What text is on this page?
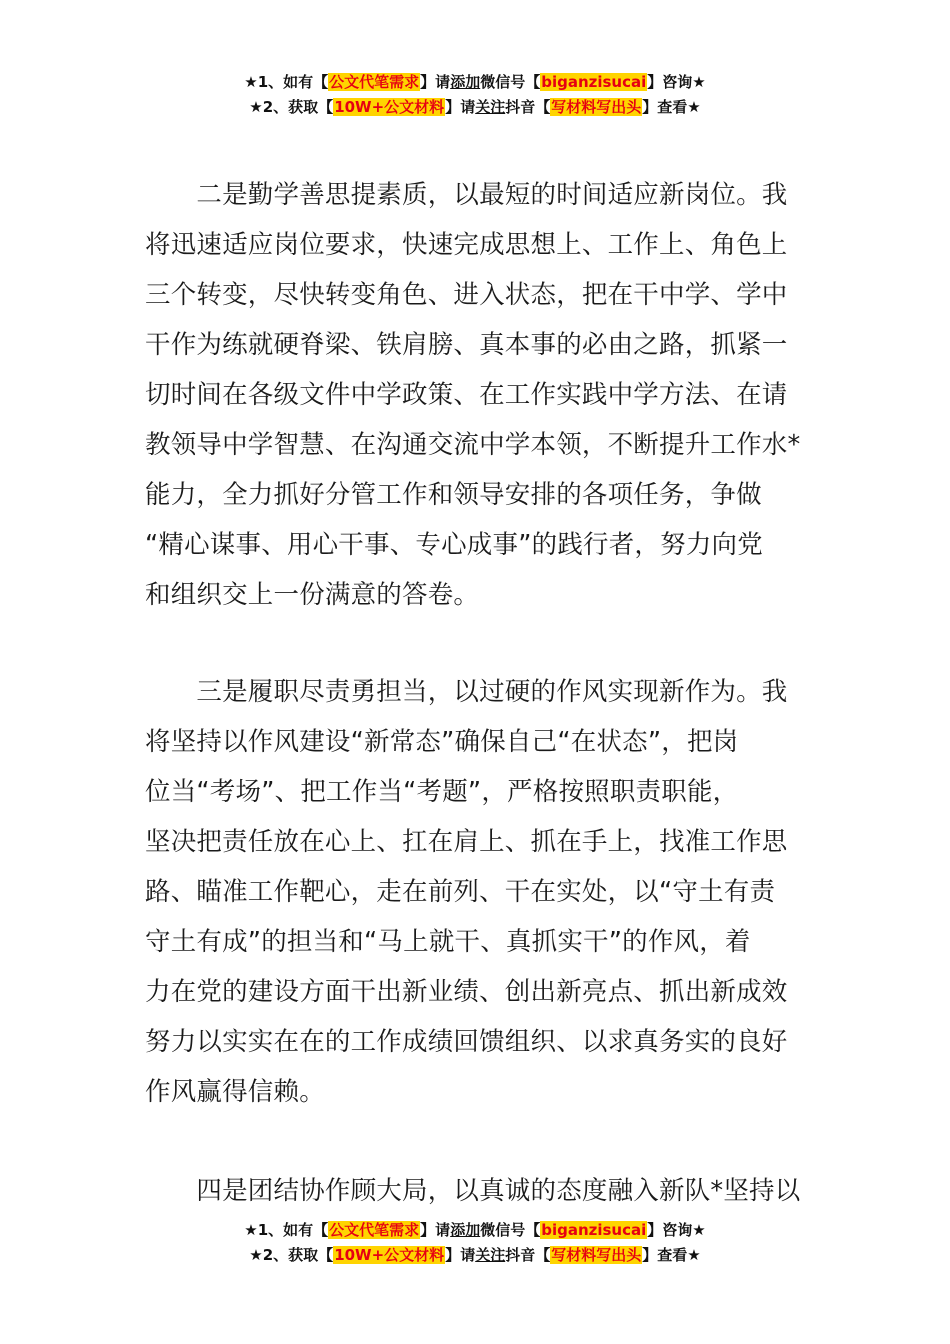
★1、如有【公文代笔需求】请添加微信号【biganzisucai】咨询★
★2、获取【10W+公文材料】请关注抖音【写材料写出头】查看★
　　二是勤学善思提素质，以最短的时间适应新岗位。我
将迅速适应岗位要求，快速完成思想上、工作上、角色上
三个转变，尽快转变角色、进入状态，把在干中学、学中
干作为练就硬脊梁、铁肩膀、真本事的必由之路，抓紧一
切时间在各级文件中学政策、在工作实践中学方法、在请
教领导中学智慧、在沟通交流中学本领，不断提升工作水*
能力，全力抓好分管工作和领导安排的各项任务，争做
“精心谋事、用心干事、专心成事”的践行者，努力向党
和组织交上一份满意的答卷。
　　三是履职尽责勇担当，以过硬的作风实现新作为。我
将坚持以作风建设“新常态”确保自己“在状态”，把岗
位当“考场”、把工作当“考题”，严格按照职责职能，
坚决把责任放在心上、扛在肩上、抓在手上，找准工作思
路、瞄准工作靶心，走在前列、干在实处，以“守土有责
守土有成”的担当和“马上就干、真抓实干”的作风，着
力在党的建设方面干出新业绩、创出新亮点、抓出新成效
努力以实实在在的工作成绩回馈组织、以求真务实的良好
作风赢得信赖。
　　四是团结协作顾大局，以真诚的态度融入新队*坚持以
★1、如有【公文代笔需求】请添加微信号【biganzisucai】咨询★
★2、获取【10W+公文材料】请关注抖音【写材料写出头】查看★
